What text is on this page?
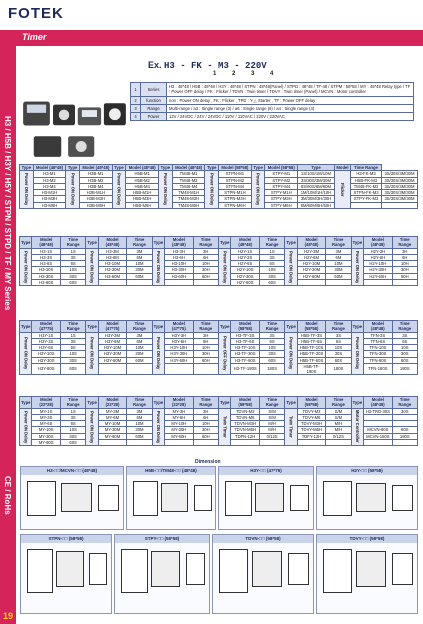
FOTEK
Timer
H3 / H5B / H3Y / H5Y / STPN / STPD / TF / MY Series
CE / RoHs
19
Ex. H3 - FK - M3 - 220V
1	2	3	4
1	Series	H3 : 48*48 / H5B : 48*48 / H3Y : 48*48 / STPN : 48*48(Panel) / STPD : 48*48 / TF-48 / STPM : 58*58 / MY : 48*48 Relay type / TF : Power OFF delay / FK : Flicker / TDVN : Twin timer / TDVY : Twin timer (Panel) / MCVN : Motor controller
2	function	non : Power ON delay , FK : Flicker , TPD : Y-△ Starter , TF : Power OFF delay
3	Range	Multi-range / a3 : Single range (3) / a6 : Single range (6) / a4 : Single range (4)
4	Power	12V / 24VDC / 24V / 24VDC / 110V / 110VAC / 220V / 220VAC
Type	Model (48*48)	Type	Model (48*48)	Type	Model (48*48)	Type	Model (48*48)	Type	Model (58*58)	Type	Model (58*58)	Type	Model	Time Range	
Power ON Delay	H3-M1	Power ON Delay	H3B-M1	Power ON Delay	H5B-M1	Power ON Delay	TM48-M1	Power ON Delay	STPN-M1	Power ON Delay	STPY-M1	1S/10S/1M/10M	Flicker	H3-FK-M3	3S/30S/3M/30M
	H3-M2		H3B-M2		H5B-M2		TM48-M2		STPN-M2		STPY-M2	3S/30S/3M/30M		H5B-FK-M3	3S/30S/3M/30M
	H3-M4		H3B-M4		H5B-M4		TM48-M4		STPN-M4		STPY-M4	6S/60S/6M/60M		TM48-FK-M3	3S/30S/3M/30M
	H3-M1H		H3B-M1H		H5B-M1H		TM48-M1H		STPN-M1H		STPY-M1H	1M/10M/1H/10H		STPN-FK-M3	3S/30S/3M/30M
	H3-M3H		H3B-M3H		H5B-M3H		TM48-M3H		STPN-M3H		STPY-M3H	3M/30M/3H/30H		STPY-FK-M3	3S/30S/3M/30M
	H3-M6H		H3B-M6H		H5B-M6H		TM48-M6H		STPN-M6H		STPY-M6H	6M/60M/6H/60H			
Type	Model (48*48)	Time Range	Type	Model (48*48)	Time Range	Type	Model (48*48)	Time Range	Type	Model (48*48)	Time Range	Type	Model (48*48)	Time Range	Type	Model (48*48)	Time Range
Power ON Delay	H3-1S	1S	Power ON Delay	H3-3M	3M	Power ON Delay	H3-3H	3H	Power ON Delay	H2Y-1S	1S	Power ON Delay	H2Y-3M	3M	Power ON Delay	H2Y-3H	3H
	H3-3S	3S		H3-6M	6M		H3-6H	6H		H2Y-3S	3S		H2Y-6M	6M		H2Y-6H	6H
	H3-6S	6S		H3-10M	10M		H3-10H	10H		H2Y-6S	6S		H2Y-10M	10M		H2Y-10H	10H
	H3-10S	10S		H3-30M	30M		H3-30H	30H		H2Y-10S	10S		H2Y-30M	30M		H2Y-30H	30H
	H3-30S	30S		H3-60M	60M		H3-60H	60H		H2Y-30S	30S		H2Y-60M	60M		H2Y-60H	60H
	H3-60S	60S								H2Y-60S	60S						
Type	Model (47*75)	Time Range	Type	Model (47*75)	Time Range	Type	Model (47*75)	Time Range	Type	Model (58*58)	Time Range	Type	Model (58*58)	Time Range	Type	Model (48*48)	Time Range
Power ON Delay	H3Y-1S	1S	Power ON Delay	H3Y-3M	3M	Power ON Delay	H3Y-3H	3H	Power OFF Delay	H3-TF-3S	3S	Power ON Delay	H5B-TF-3S	3S	Power ON Delay	TFN-3S	3S
	H3Y-3S	3S		H3Y-6M	6M		H3Y-6H	6H		H3-TF-6S	6S		H5B-TF-6S	6S		TFN-6S	6S
	H3Y-6S	6S		H3Y-10M	10M		H3Y-10H	10H		H3-TF-10S	10S		H5B-TF-10S	10S		TFN-10S	10S
	H3Y-10S	10S		H3Y-30M	30M		H3Y-30H	30H		H3-TF-30S	30S		H5B-TF-30S	30S		TFN-30S	30S
	H3Y-30S	30S		H3Y-60M	60M		H3Y-60H	60H		H3-TF-60S	60S		H5B-TF-60S	60S		TFN-60S	60S
	H3Y-60S	60S								H3-TF-180S	180S		H5B-TF-180S	180S		TFN-180S	180S
Type	Model (22*28)	Time Range	Type	Model (22*28)	Time Range	Type	Model (22*28)	Time Range	Type	Model (58*58)	Time Range	Type	Model (58*58)	Time Range	Type	Model (48*48)	Time Range
Power ON Delay	MY-1S	1S	Power ON Delay	MY-3M	3M	Power ON Delay	MY-3H	3H	Twin Timer	TDVN-M3	S/M	Twin Timer	TDVY-M3	S/M	Motor Controller	H3-TRD-30S	30S
	MY-3S	3S		MY-6M	6M		MY-6H	6H		TDVN-M6	S/M		TDVY-M6	S/M			
	MY-6S	6S		MY-10M	10M		MY-10H	10H		TDVN-M3H	M/H		TDVY-M3H	M/H			
	MY-10S	10S		MY-30M	30M		MY-30H	30H		TDVN-M6H	M/H		TDVY-M6H	M/H		MCVN-60S	60S
	MY-30S	30S		MY-60M	60M		MY-60H	60H		TDFN-12H	0/12S		TDFY-12H	0/12S		MCVN-180S	180S
	MY-60S	60S															
Dimension
H3-□□/MCVN-□□ (48*48)	H5B-□□/TM48-□□ (48*48)	H3Y-□□ (47*75)	H2Y-□□ (58*58)
STPN-□□ (58*58)	STPY-□□ (58*58)	TDVN-□□ (58*58)	TDVY-□□ (58*58)
